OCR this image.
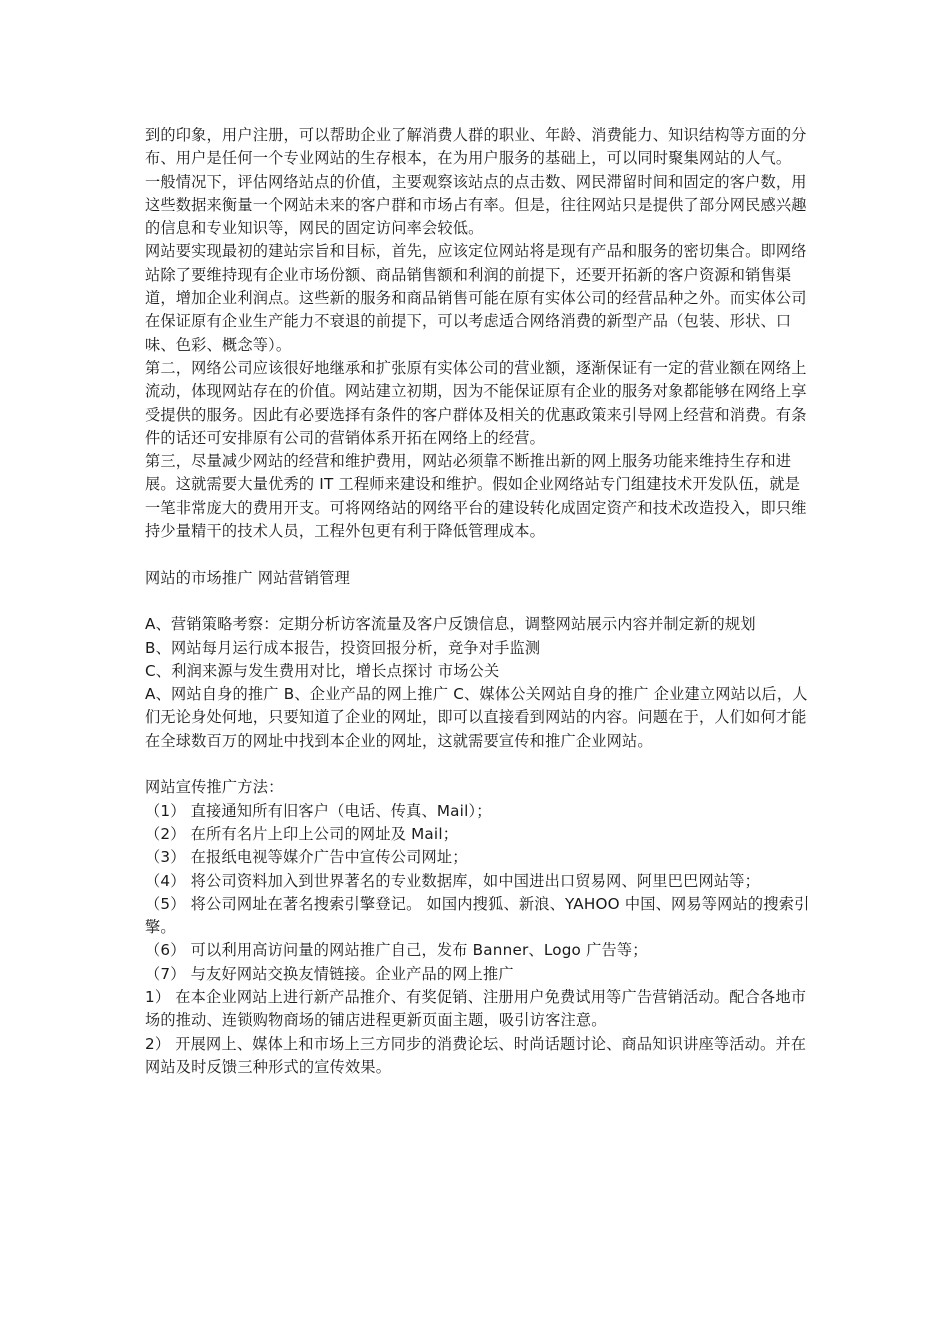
到的印象，用户注册，可以帮助企业了解消费人群的职业、年龄、消费能力、知识结构等方面的分布、用户是任何一个专业网站的生存根本，在为用户服务的基础上，可以同时聚集网站的人气。

一般情况下，评估网络站点的价值，主要观察该站点的点击数、网民滞留时间和固定的客户数，用这些数据来衡量一个网站未来的客户群和市场占有率。但是，往往网站只是提供了部分网民感兴趣的信息和专业知识等，网民的固定访问率会较低。

网站要实现最初的建站宗旨和目标，首先，应该定位网站将是现有产品和服务的密切集合。即网络站除了要维持现有企业市场份额、商品销售额和利润的前提下，还要开拓新的客户资源和销售渠道，增加企业利润点。这些新的服务和商品销售可能在原有实体公司的经营品种之外。而实体公司在保证原有企业生产能力不衰退的前提下，可以考虑适合网络消费的新型产品（包装、形状、口味、色彩、概念等）。

第二，网络公司应该很好地继承和扩张原有实体公司的营业额，逐渐保证有一定的营业额在网络上流动，体现网站存在的价值。网站建立初期，因为不能保证原有企业的服务对象都能够在网络上享受提供的服务。因此有必要选择有条件的客户群体及相关的优惠政策来引导网上经营和消费。有条件的话还可安排原有公司的营销体系开拓在网络上的经营。

第三，尽量减少网站的经营和维护费用，网站必须靠不断推出新的网上服务功能来维持生存和进展。这就需要大量优秀的 IT 工程师来建设和维护。假如企业网络站专门组建技术开发队伍，就是一笔非常庞大的费用开支。可将网络站的网络平台的建设转化成固定资产和技术改造投入，即只维持少量精干的技术人员，工程外包更有利于降低管理成本。

网站的市场推广 网站营销管理

A、营销策略考察：定期分析访客流量及客户反馈信息，调整网站展示内容并制定新的规划

B、网站每月运行成本报告，投资回报分析，竞争对手监测

C、利润来源与发生费用对比，增长点探讨 市场公关

A、网站自身的推广 B、企业产品的网上推广 C、媒体公关网站自身的推广 企业建立网站以后，人们无论身处何地，只要知道了企业的网址，即可以直接看到网站的内容。问题在于，人们如何才能在全球数百万的网址中找到本企业的网址，这就需要宣传和推广企业网站。

网站宣传推广方法：

（1） 直接通知所有旧客户（电话、传真、Mail）；

（2） 在所有名片上印上公司的网址及 Mail；

（3） 在报纸电视等媒介广告中宣传公司网址；

（4） 将公司资料加入到世界著名的专业数据库，如中国进出口贸易网、阿里巴巴网站等；

（5） 将公司网址在著名搜索引擎登记。 如国内搜狐、新浪、YAHOO 中国、网易等网站的搜索引擎。

（6） 可以利用高访问量的网站推广自己，发布 Banner、Logo 广告等；

（7） 与友好网站交换友情链接。企业产品的网上推广

1） 在本企业网站上进行新产品推介、有奖促销、注册用户免费试用等广告营销活动。配合各地市场的推动、连锁购物商场的铺店进程更新页面主题，吸引访客注意。

2） 开展网上、媒体上和市场上三方同步的消费论坛、时尚话题讨论、商品知识讲座等活动。并在网站及时反馈三种形式的宣传效果。
